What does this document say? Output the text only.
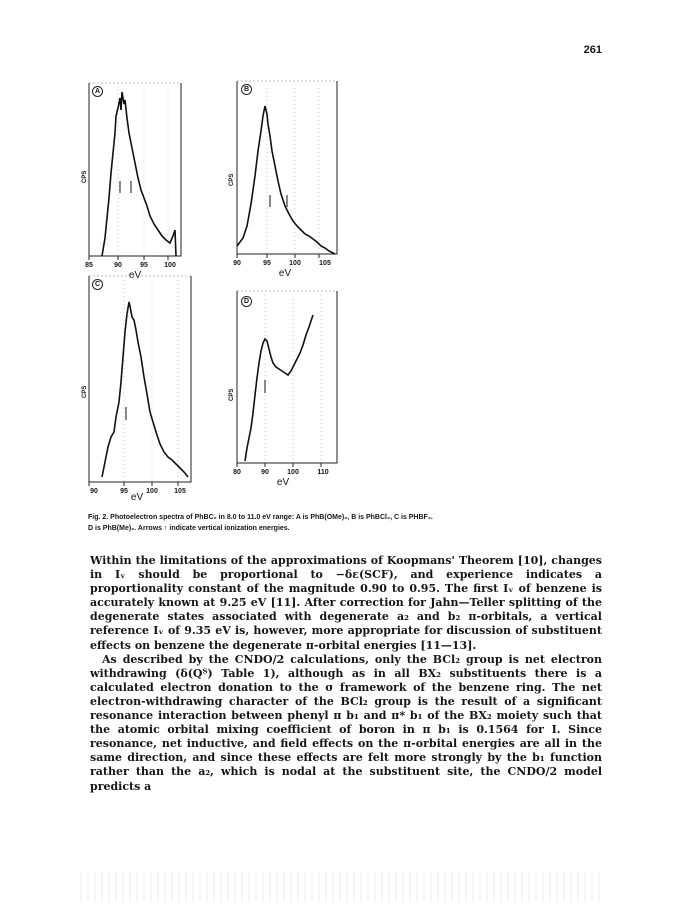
261
A
CPS
85	90	95 100
eV
B
CPS
90	95	100	105
eV
C
CPS
90	95	100 105
eV
D
CPS
80	90	100	110
eV
Fig. 2. Photoelectron spectra of PhBC₂ in 8.0 to 11.0 eV range: A is PhB(OMe)₂, B is PhBCl₂, C is PHBF₂.
D is PhB(Me)₂. Arrows ↑ indicate vertical ionization energies.

Within the limitations of the approximations of Koopmans' Theorem [10], changes in Iᵥ should be proportional to −δε(SCF), and experience indicates a proportionality constant of the magnitude 0.90 to 0.95. The first Iᵥ of benzene is accurately known at 9.25 eV [11]. After correction for Jahn—Teller splitting of the degenerate states associated with degenerate a₂ and b₂ π-orbitals, a vertical reference Iᵥ of 9.35 eV is, however, more appropriate for discussion of substituent effects on benzene the degenerate π-orbital energies [11—13].

As described by the CNDO/2 calculations, only the BCl₂ group is net electron withdrawing (δ(Qᵀ) Table 1), although as in all BX₂ substituents there is a calculated electron donation to the σ framework of the benzene ring. The net electron-withdrawing character of the BCl₂ group is the result of a significant resonance interaction between phenyl π b₁ and π* b₁ of the BX₂ moiety such that the atomic orbital mixing coefficient of boron in π b₁ is 0.1564 for I. Since resonance, net inductive, and field effects on the π-orbital energies are all in the same direction, and since these effects are felt more strongly by the b₁ function rather than the a₂, which is nodal at the substituent site, the CNDO/2 model predicts a
